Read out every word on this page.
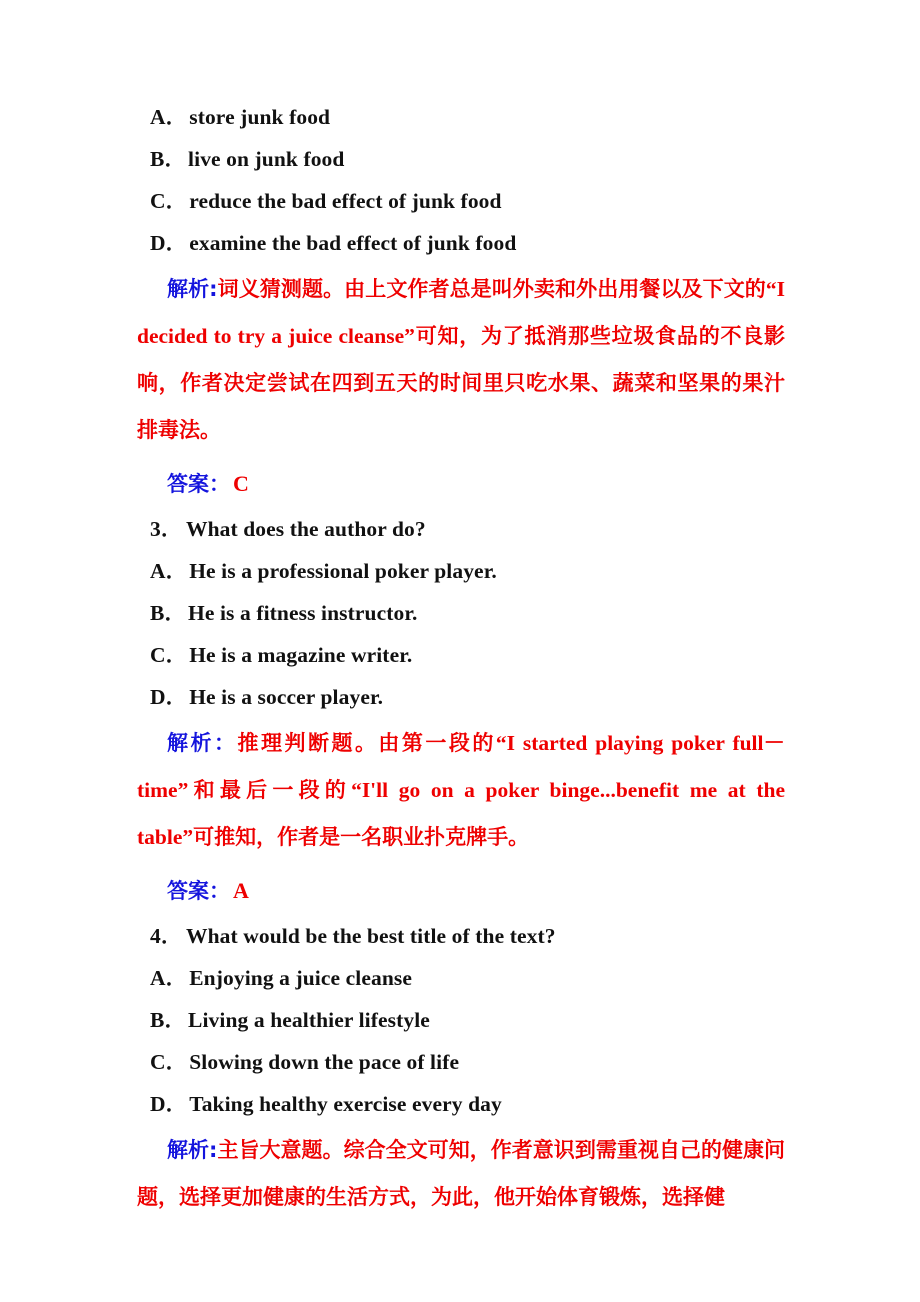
A．store junk food
B．live on junk food
C．reduce the bad effect of junk food
D．examine the bad effect of junk food

解析:词义猜测题。由上文作者总是叫外卖和外出用餐以及下文的“I decided to try a juice cleanse”可知，为了抵消那些垃圾食品的不良影响，作者决定尝试在四到五天的时间里只吃水果、蔬菜和坚果的果汁排毒法。

答案： C
3． What does the author do?
A．He is a professional poker player.
B．He is a fitness instructor.
C．He is a magazine writer.
D．He is a soccer player.

解析：推理判断题。由第一段的“I started playing poker full－time”和最后一段的“I'll go on a poker binge...benefit me at the table”可推知，作者是一名职业扑克牌手。

答案： A
4． What would be the best title of the text?
A．Enjoying a juice cleanse
B．Living a healthier lifestyle
C．Slowing down the pace of life
D．Taking healthy exercise every day

解析:主旨大意题。综合全文可知，作者意识到需重视自己的健康问题，选择更加健康的生活方式，为此，他开始体育锻炼，选择健
